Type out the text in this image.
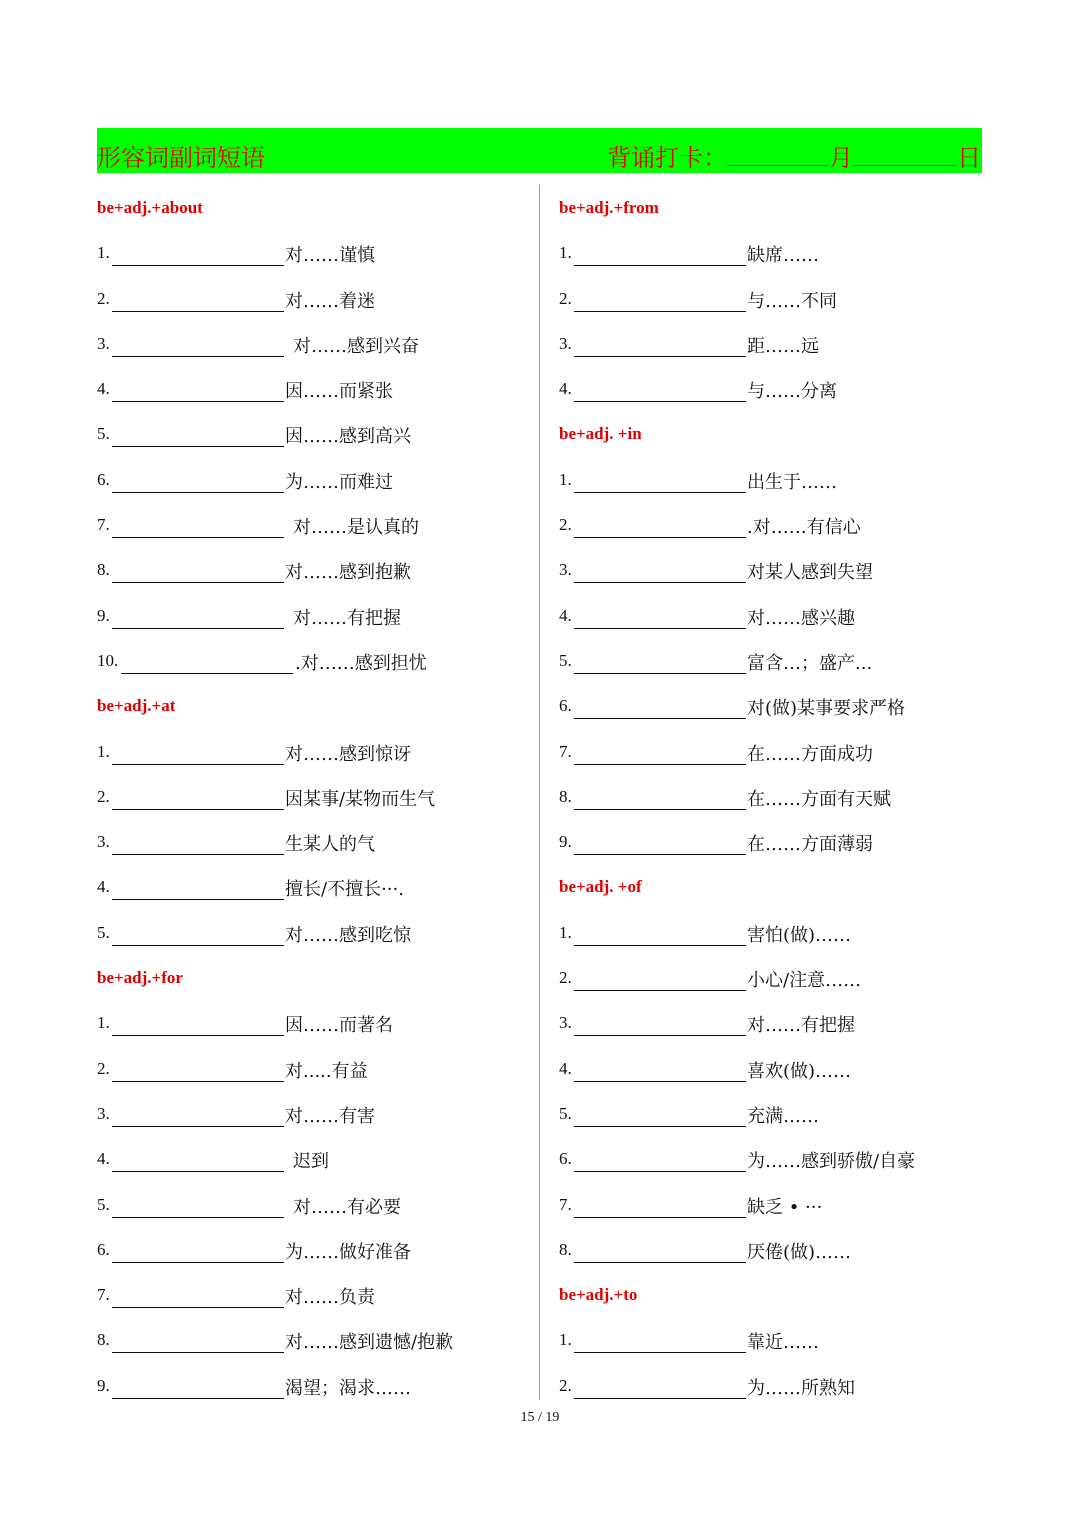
形容词副词短语	背诵打卡：	月	日
be+adj.+about
1.	对……谨慎
2.	对……着迷
3.	对……感到兴奋
4.	因……而紧张
5.	因……感到高兴
6.	为……而难过
7.	对……是认真的
8.	对……感到抱歉
9.	对……有把握
10.	.对……感到担忧
be+adj.+at
1.	对……感到惊讶
2.	因某事/某物而生气
3.	生某人的气
4.	擅长/不擅长···.
5.	对……感到吃惊
be+adj.+for
1.	因……而著名
2.	对.....有益
3.	对……有害
4.	迟到
5.	对……有必要
6.	为……做好准备
7.	对……负责
8.	对……感到遗憾/抱歉
9.	渴望；渴求……
be+adj.+from
1.	缺席……
2.	与……不同
3.	距……远
4.	与……分离
be+adj. +in
1.	出生于……
2.	.对……有信心
3.	对某人感到失望
4.	对……感兴趣
5.	富含…；盛产...
6.	对(做)某事要求严格
7.	在……方面成功
8.	在……方面有天赋
9.	在……方面薄弱
be+adj. +of
1.	害怕(做)……
2.	小心/注意……
3.	对……有把握
4.	喜欢(做)……
5.	充满……
6.	为……感到骄傲/自豪
7.	缺乏 • ···
8.	厌倦(做)……
be+adj.+to
1.	靠近……
2.	为……所熟知
15 / 19
